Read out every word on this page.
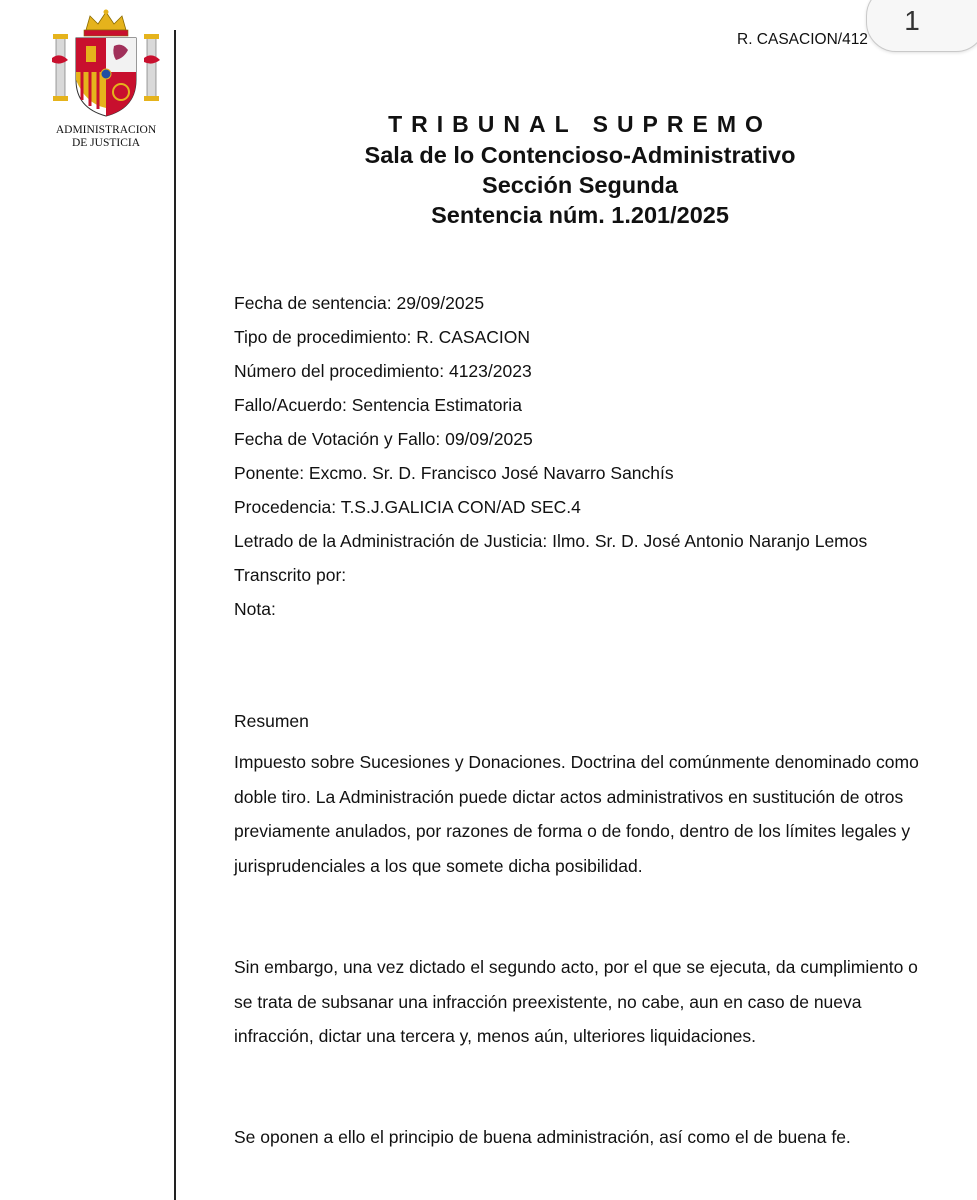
ADMINISTRACION
DE JUSTICIA
R. CASACION/412
1
TRIBUNAL SUPREMO
Sala de lo Contencioso-Administrativo
Sección Segunda
Sentencia núm. 1.201/2025
Fecha de sentencia: 29/09/2025
Tipo de procedimiento: R. CASACION
Número del procedimiento: 4123/2023
Fallo/Acuerdo: Sentencia Estimatoria
Fecha de Votación y Fallo: 09/09/2025
Ponente: Excmo. Sr. D. Francisco José Navarro Sanchís
Procedencia: T.S.J.GALICIA CON/AD SEC.4
Letrado de la Administración de Justicia: Ilmo. Sr. D. José Antonio Naranjo Lemos
Transcrito por:
Nota:
Resumen
Impuesto sobre Sucesiones y Donaciones. Doctrina del comúnmente denominado como doble tiro. La Administración puede dictar actos administrativos en sustitución de otros previamente anulados, por razones de forma o de fondo, dentro de los límites legales y jurisprudenciales a los que somete dicha posibilidad.
Sin embargo, una vez dictado el segundo acto, por el que se ejecuta, da cumplimiento o se trata de subsanar una infracción preexistente, no cabe, aun en caso de nueva infracción, dictar una tercera y, menos aún, ulteriores liquidaciones.
Se oponen a ello el principio de buena administración, así como el de buena fe.
